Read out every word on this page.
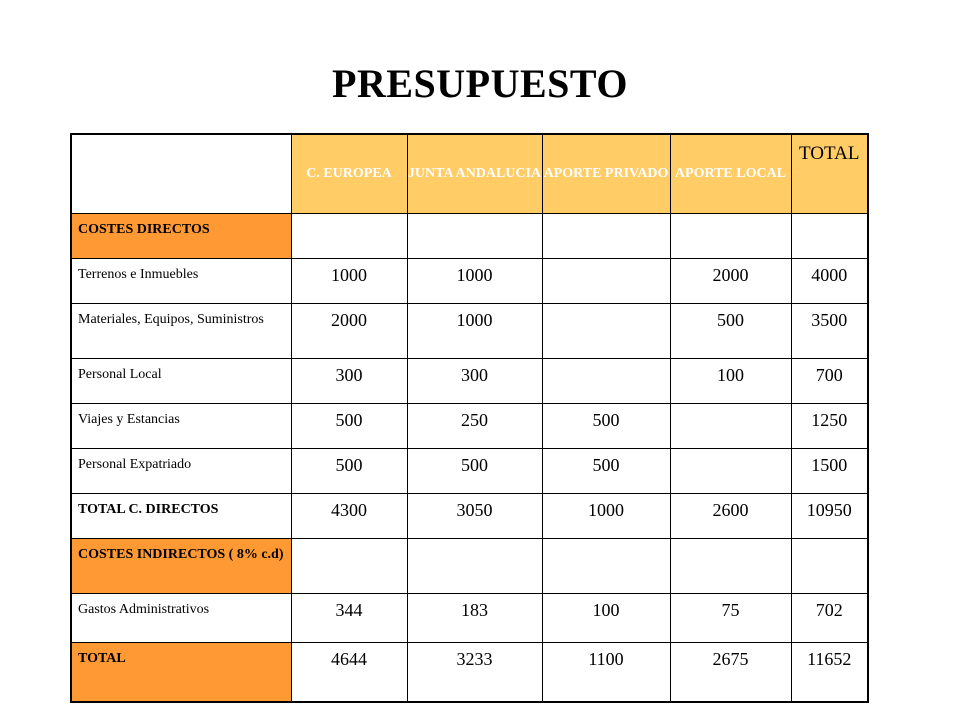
PRESUPUESTO
	C. EUROPEA	JUNTA ANDALUCIA	APORTE PRIVADO	APORTE LOCAL	TOTAL
COSTES DIRECTOS					
Terrenos e Inmuebles	1000	1000		2000	4000
Materiales, Equipos, Suministros	2000	1000		500	3500
Personal Local	300	300		100	700
Viajes y Estancias	500	250	500		1250
Personal Expatriado	500	500	500		1500
TOTAL C. DIRECTOS	4300	3050	1000	2600	10950
COSTES INDIRECTOS ( 8% c.d)					
Gastos Administrativos	344	183	100	75	702
TOTAL	4644	3233	1100	2675	11652
